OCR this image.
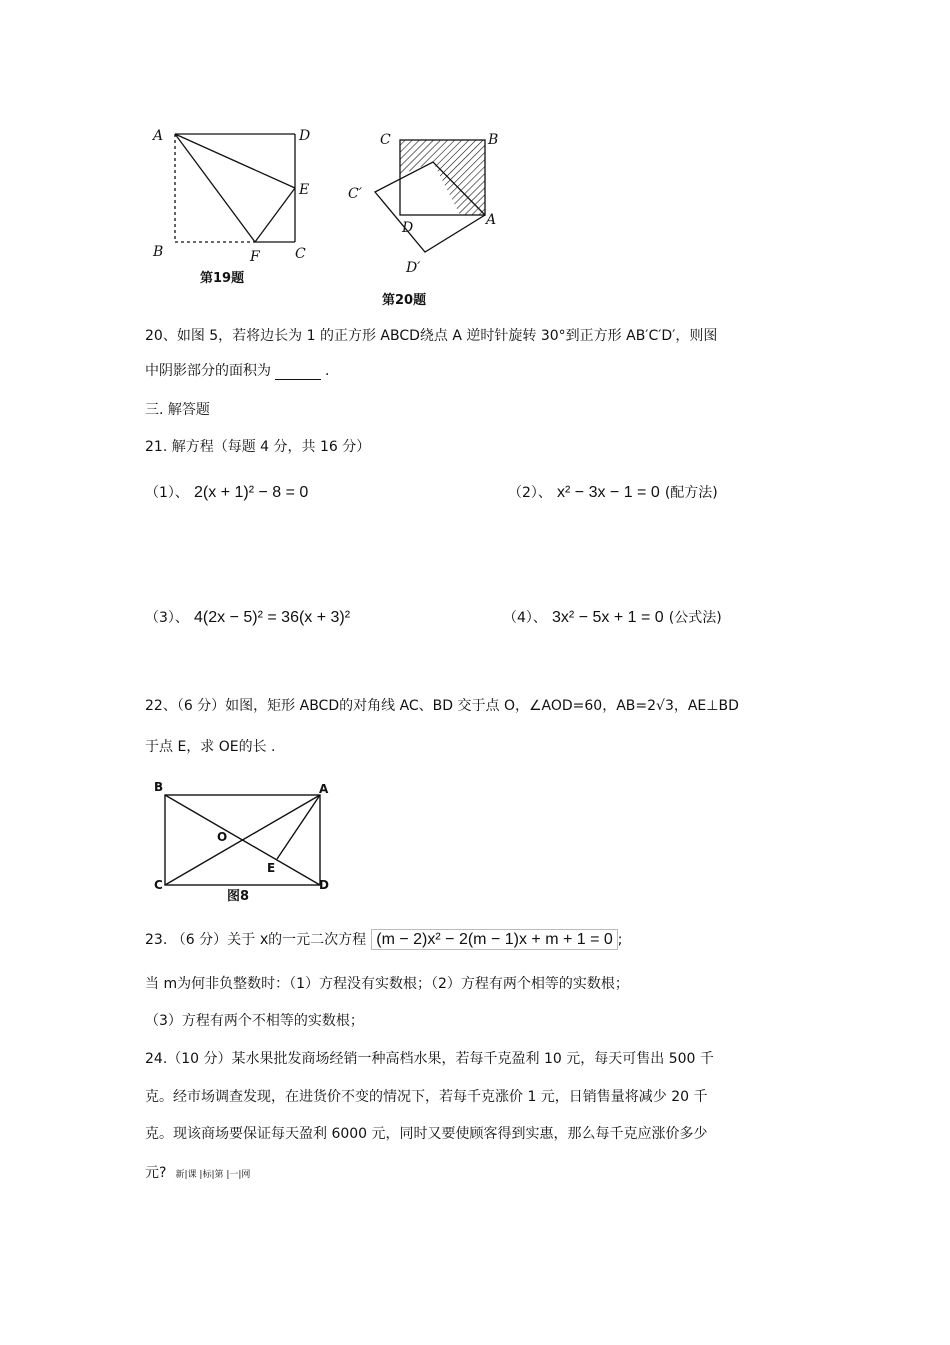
A	D
E
B	F	C
第19题
C	B
C′
D	A
D′
第20题
20、如图 5，若将边长为 1 的正方形 ABCD绕点 A 逆时针旋转 30°到正方形 AB′C′D′，则图
中阴影部分的面积为	.
三. 解答题
21. 解方程（每题 4 分，共 16 分）
（1）、 2(x + 1)² − 8 = 0	（2）、 x² − 3x − 1 = 0 (配方法)
（3）、 4(2x − 5)² = 36(x + 3)²	（4）、 3x² − 5x + 1 = 0 (公式法)
22、（6 分）如图，矩形 ABCD的对角线 AC、BD 交于点 O，∠AOD=60，AB=2√3，AE⊥BD
于点 E，求 OE的长 .
B	A
O
E
C	D
图8
23. （6 分）关于 x的一元二次方程 (m − 2)x² − 2(m − 1)x + m + 1 = 0 ;
当 m为何非负整数时：（1）方程没有实数根；（2）方程有两个相等的实数根；
（3）方程有两个不相等的实数根；
24.（10 分）某水果批发商场经销一种高档水果，若每千克盈利 10 元，每天可售出 500 千
克。经市场调查发现，在进货价不变的情况下，若每千克涨价 1 元，日销售量将减少 20 千
克。现该商场要保证每天盈利 6000 元，同时又要使顾客得到实惠，那么每千克应涨价多少
元? 新|课 |标|第 |一|网
